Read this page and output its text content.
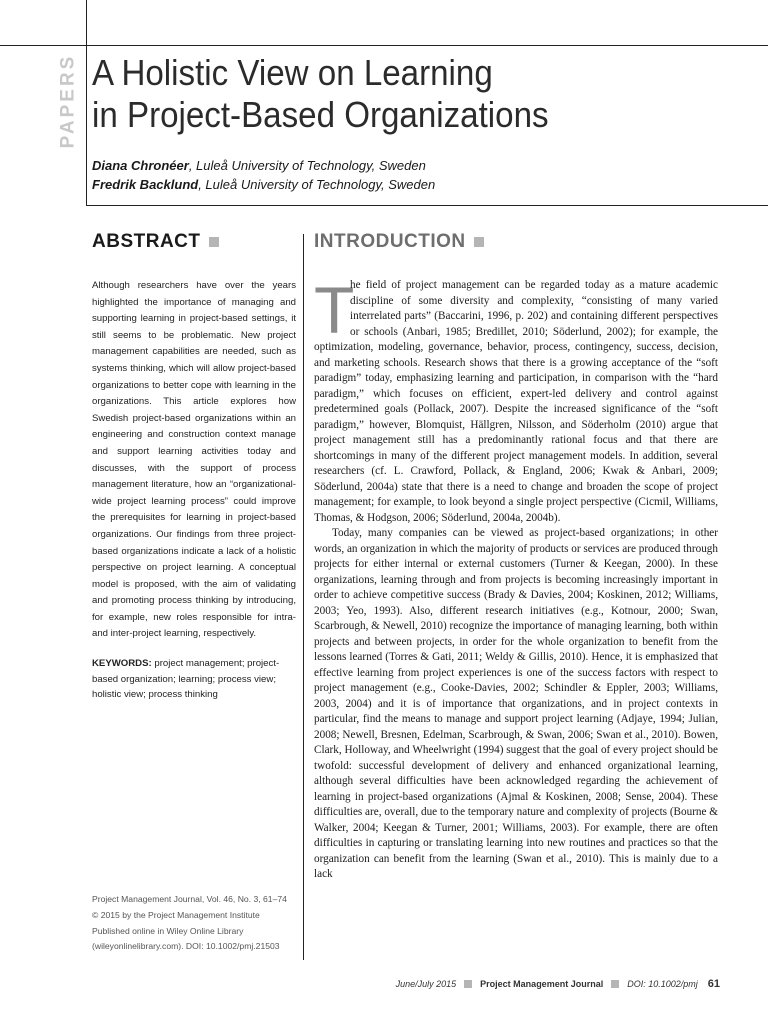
PAPERS A Holistic View on Learning
in Project-Based Organizations
Diana Chronéer, Luleå University of Technology, Sweden
Fredrik Backlund, Luleå University of Technology, Sweden
ABSTRACT
Although researchers have over the years highlighted the importance of managing and supporting learning in project-based settings, it still seems to be problematic. New project management capabilities are needed, such as systems thinking, which will allow project-based organizations to better cope with learning in the organizations. This article explores how Swedish project-based organizations within an engineering and construction context manage and support learning activities today and discusses, with the support of process management literature, how an “organizational-wide project learning process” could improve the prerequisites for learning in project-based organizations. Our findings from three project-based organizations indicate a lack of a holistic perspective on project learning. A conceptual model is proposed, with the aim of validating and promoting process thinking by introducing, for example, new roles responsible for intra- and inter-project learning, respectively.
KEYWORDS: project management; project-based organization; learning; process view; holistic view; process thinking
Project Management Journal, Vol. 46, No. 3, 61–74
© 2015 by the Project Management Institute
Published online in Wiley Online Library
(wileyonlinelibrary.com). DOI: 10.1002/pmj.21503
INTRODUCTION
T

he field of project management can be regarded today as a mature academic discipline of some diversity and complexity, “consisting of many varied interrelated parts” (Baccarini, 1996, p. 202) and containing different perspectives or schools (Anbari, 1985; Bredillet, 2010; Söderlund, 2002); for example, the optimization, modeling, governance, behavior, process, contingency, success, decision, and marketing schools. Research shows that there is a growing acceptance of the “soft paradigm” today, emphasizing learning and participation, in comparison with the “hard paradigm,” which focuses on efficient, expert-led delivery and control against predetermined goals (Pollack, 2007). Despite the increased significance of the “soft paradigm,” however, Blomquist, Hällgren, Nilsson, and Söderholm (2010) argue that project management still has a predominantly rational focus and that there are shortcomings in many of the different project management models. In addition, several researchers (cf. L. Crawford, Pollack, & England, 2006; Kwak & Anbari, 2009; Söderlund, 2004a) state that there is a need to change and broaden the scope of project management; for example, to look beyond a single project perspective (Cicmil, Williams, Thomas, & Hodgson, 2006; Söderlund, 2004a, 2004b).

Today, many companies can be viewed as project-based organizations; in other words, an organization in which the majority of products or services are produced through projects for either internal or external customers (Turner & Keegan, 2000). In these organizations, learning through and from projects is becoming increasingly important in order to achieve competitive success (Brady & Davies, 2004; Koskinen, 2012; Williams, 2003; Yeo, 1993). Also, different research initiatives (e.g., Kotnour, 2000; Swan, Scarbrough, & Newell, 2010) recognize the importance of managing learning, both within projects and between projects, in order for the whole organization to benefit from the lessons learned (Torres & Gati, 2011; Weldy & Gillis, 2010). Hence, it is emphasized that effective learning from project experiences is one of the success factors with respect to project management (e.g., Cooke-Davies, 2002; Schindler & Eppler, 2003; Williams, 2003, 2004) and it is of importance that organizations, and in project contexts in particular, find the means to manage and support project learning (Adjaye, 1994; Julian, 2008; Newell, Bresnen, Edelman, Scarbrough, & Swan, 2006; Swan et al., 2010). Bowen, Clark, Holloway, and Wheelwright (1994) suggest that the goal of every project should be twofold: successful development of delivery and enhanced organizational learning, although several difficulties have been acknowledged regarding the achievement of learning in project-based organizations (Ajmal & Koskinen, 2008; Sense, 2004). These difficulties are, overall, due to the temporary nature and complexity of projects (Bourne & Walker, 2004; Keegan & Turner, 2001; Williams, 2003). For example, there are often difficulties in capturing or translating learning into new routines and practices so that the organization can benefit from the learning (Swan et al., 2010). This is mainly due to a lack

June/July 2015	Project Management Journal	DOI: 10.1002/pmj 61
